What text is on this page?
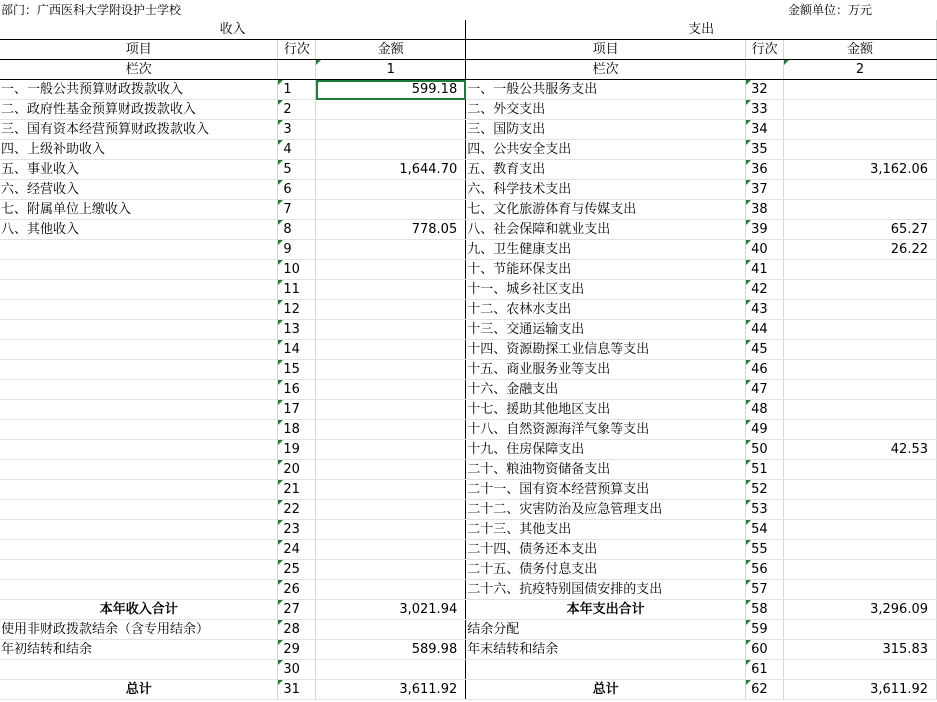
部门：广西医科大学附设护士学校	金额单位：万元
收入			支出		
项目	行次	金额	项目	行次	金额
栏次		1	栏次		2
一、一般公共预算财政拨款收入	1	599.18	一、一般公共服务支出	32	
二、政府性基金预算财政拨款收入	2		二、外交支出	33	
三、国有资本经营预算财政拨款收入	3		三、国防支出	34	
四、上级补助收入	4		四、公共安全支出	35	
五、事业收入	5	1,644.70	五、教育支出	36	3,162.06
六、经营收入	6		六、科学技术支出	37	
七、附属单位上缴收入	7		七、文化旅游体育与传媒支出	38	
八、其他收入	8	778.05	八、社会保障和就业支出	39	65.27
	9		九、卫生健康支出	40	26.22
	10		十、节能环保支出	41	
	11		十一、城乡社区支出	42	
	12		十二、农林水支出	43	
	13		十三、交通运输支出	44	
	14		十四、资源勘探工业信息等支出	45	
	15		十五、商业服务业等支出	46	
	16		十六、金融支出	47	
	17		十七、援助其他地区支出	48	
	18		十八、自然资源海洋气象等支出	49	
	19		十九、住房保障支出	50	42.53
	20		二十、粮油物资储备支出	51	
	21		二十一、国有资本经营预算支出	52	
	22		二十二、灾害防治及应急管理支出	53	
	23		二十三、其他支出	54	
	24		二十四、债务还本支出	55	
	25		二十五、债务付息支出	56	
	26		二十六、抗疫特别国债安排的支出	57	
本年收入合计	27	3,021.94	本年支出合计	58	3,296.09
使用非财政拨款结余（含专用结余）	28		结余分配	59	
年初结转和结余	29	589.98	年末结转和结余	60	315.83
	30			61	
总计	31	3,611.92	总计	62	3,611.92
